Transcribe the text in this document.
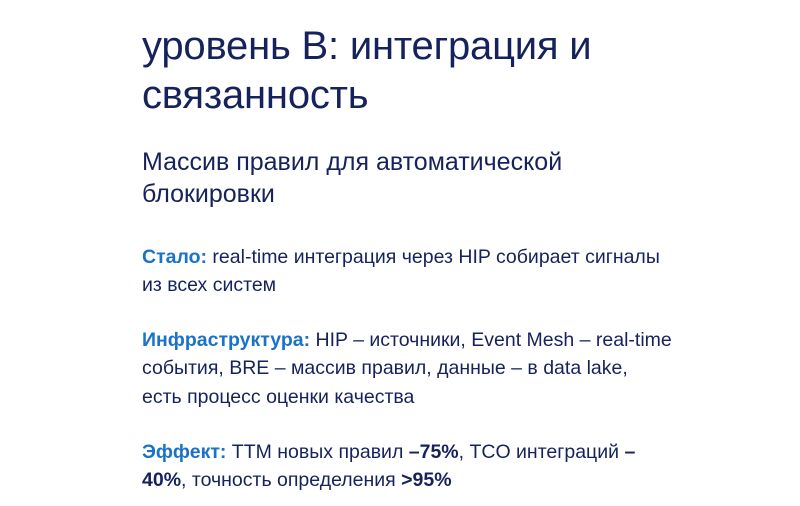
уровень B: интеграция и связанность
Массив правил для автоматической блокировки
Стало: real-time интеграция через HIP собирает сигналы из всех систем
Инфраструктура: HIP – источники, Event Mesh – real-time события, BRE – массив правил, данные – в data lake, есть процесс оценки качества
Эффект: TTM новых правил –75%, TCO интеграций –40%, точность определения >95%
